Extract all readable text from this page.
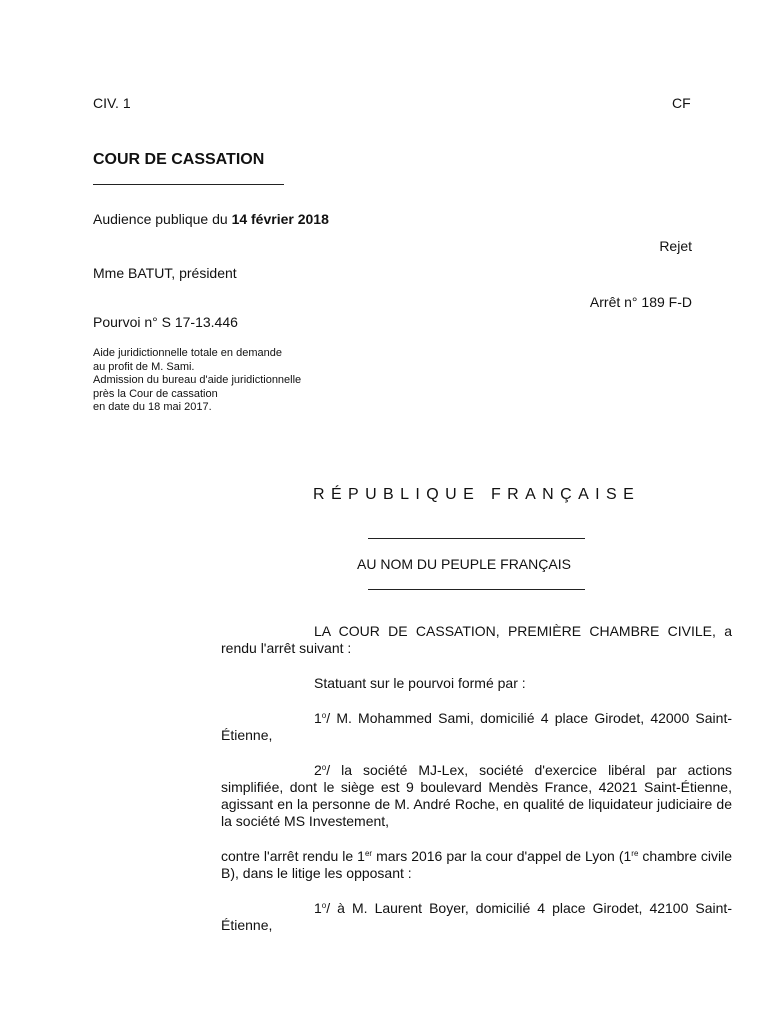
CIV. 1	CF
COUR DE CASSATION
Audience publique du 14 février 2018
Rejet
Mme BATUT, président
Arrêt n° 189 F-D
Pourvoi n° S 17-13.446
Aide juridictionnelle totale en demande
au profit de M. Sami.
Admission du bureau d'aide juridictionnelle
près la Cour de cassation
en date du 18 mai 2017.
RÉPUBLIQUE FRANÇAISE
AU NOM DU PEUPLE FRANÇAIS

LA COUR DE CASSATION, PREMIÈRE CHAMBRE CIVILE, a rendu l'arrêt suivant :

Statuant sur le pourvoi formé par :

1$^o$/ M. Mohammed Sami, domicilié 4 place Girodet, 42000 Saint-Étienne,

2$^o$/ la société MJ-Lex, société d'exercice libéral par actions simplifiée, dont le siège est 9 boulevard Mendès France, 42021 Saint-Étienne, agissant en la personne de M. André Roche, en qualité de liquidateur judiciaire de la société MS Investement,

contre l'arrêt rendu le 1er mars 2016 par la cour d'appel de Lyon (1re chambre civile B), dans le litige les opposant :

1$^o$/ à M. Laurent Boyer, domicilié 4 place Girodet, 42100 Saint-Étienne,
